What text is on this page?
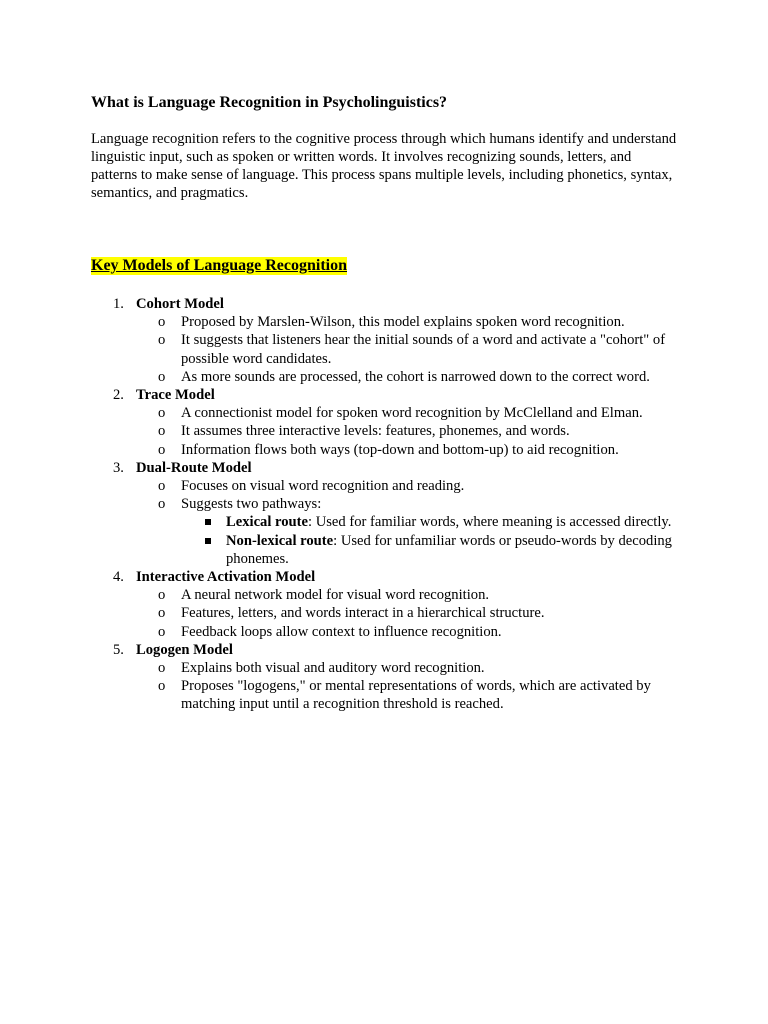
What is Language Recognition in Psycholinguistics?

Language recognition refers to the cognitive process through which humans identify and understand linguistic input, such as spoken or written words. It involves recognizing sounds, letters, and patterns to make sense of language. This process spans multiple levels, including phonetics, syntax, semantics, and pragmatics.

Key Models of Language Recognition
1. Cohort Model
o Proposed by Marslen-Wilson, this model explains spoken word recognition.
o It suggests that listeners hear the initial sounds of a word and activate a "cohort" of possible word candidates.
o As more sounds are processed, the cohort is narrowed down to the correct word.
2. Trace Model
o A connectionist model for spoken word recognition by McClelland and Elman.
o It assumes three interactive levels: features, phonemes, and words.
o Information flows both ways (top-down and bottom-up) to aid recognition.
3. Dual-Route Model
o Focuses on visual word recognition and reading.
o Suggests two pathways:
Lexical route: Used for familiar words, where meaning is accessed directly.
Non-lexical route: Used for unfamiliar words or pseudo-words by decoding phonemes.
4. Interactive Activation Model
o A neural network model for visual word recognition.
o Features, letters, and words interact in a hierarchical structure.
o Feedback loops allow context to influence recognition.
5. Logogen Model
o Explains both visual and auditory word recognition.
o Proposes "logogens," or mental representations of words, which are activated by matching input until a recognition threshold is reached.
